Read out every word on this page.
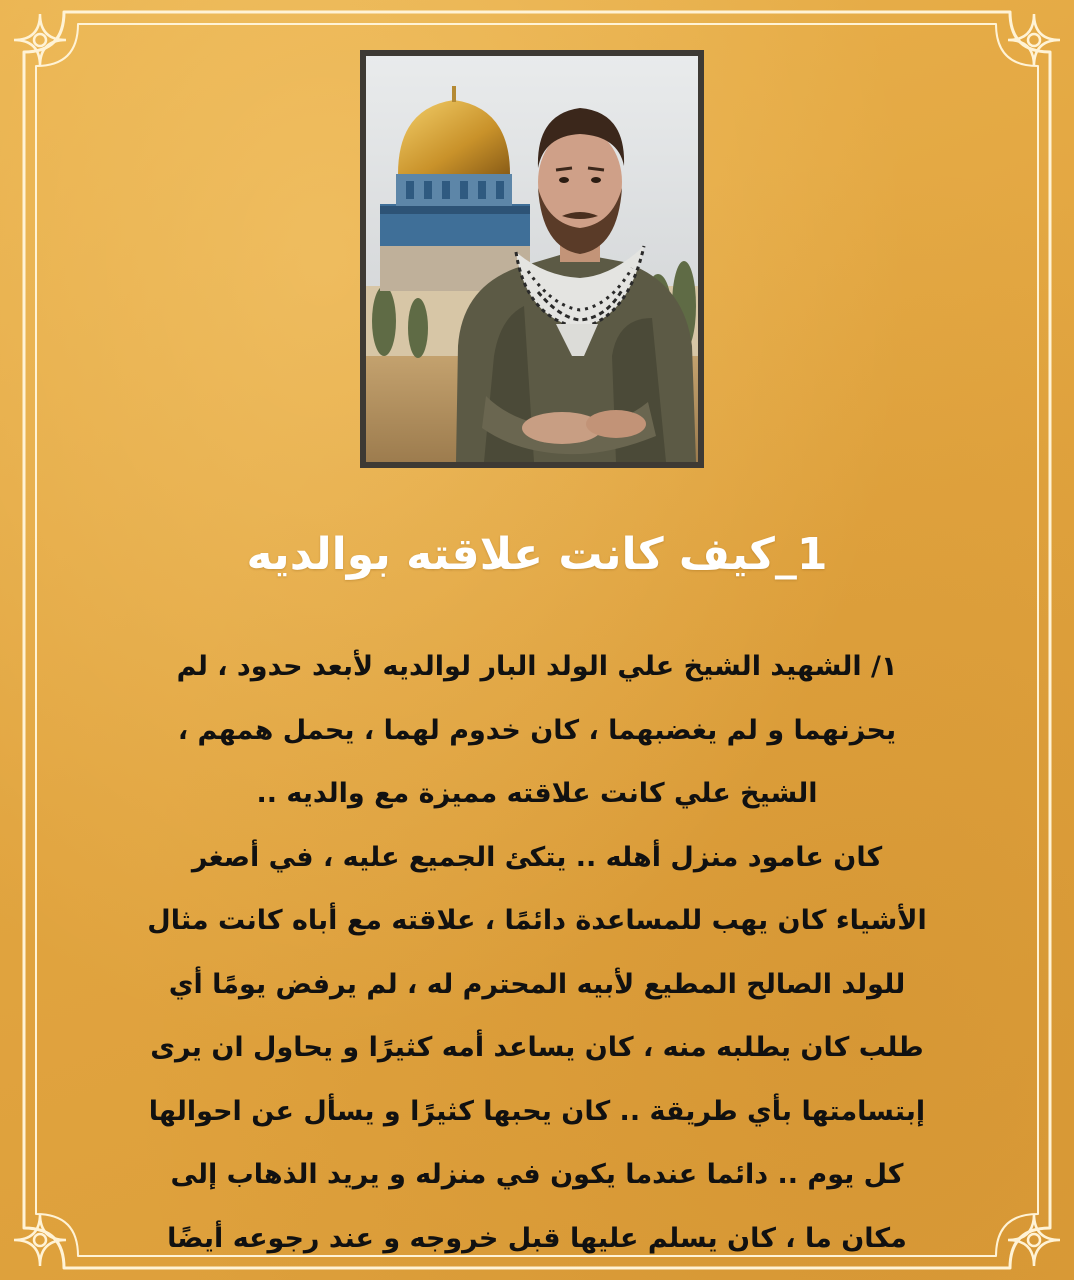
1_كيف كانت علاقته بوالديه
١/ الشهيد الشيخ علي الولد البار لوالديه لأبعد حدود ، لم
يحزنهما و لم يغضبهما ، كان خدوم لهما ، يحمل همهم ،
الشيخ علي كانت علاقته مميزة مع والديه ..
كان عامود منزل أهله .. يتكئ الجميع عليه ، في أصغر
الأشياء كان يهب للمساعدة دائمًا ، علاقته مع أباه كانت مثال
للولد الصالح المطيع لأبيه المحترم له ، لم يرفض يومًا أي
طلب كان يطلبه منه ، كان يساعد أمه كثيرًا و يحاول ان يرى
إبتسامتها بأي طريقة .. كان يحبها كثيرًا و يسأل عن احوالها
كل يوم .. دائما عندما يكون في منزله و يريد الذهاب إلى
مكان ما ، كان يسلم عليها قبل خروجه و عند رجوعه أيضًا
